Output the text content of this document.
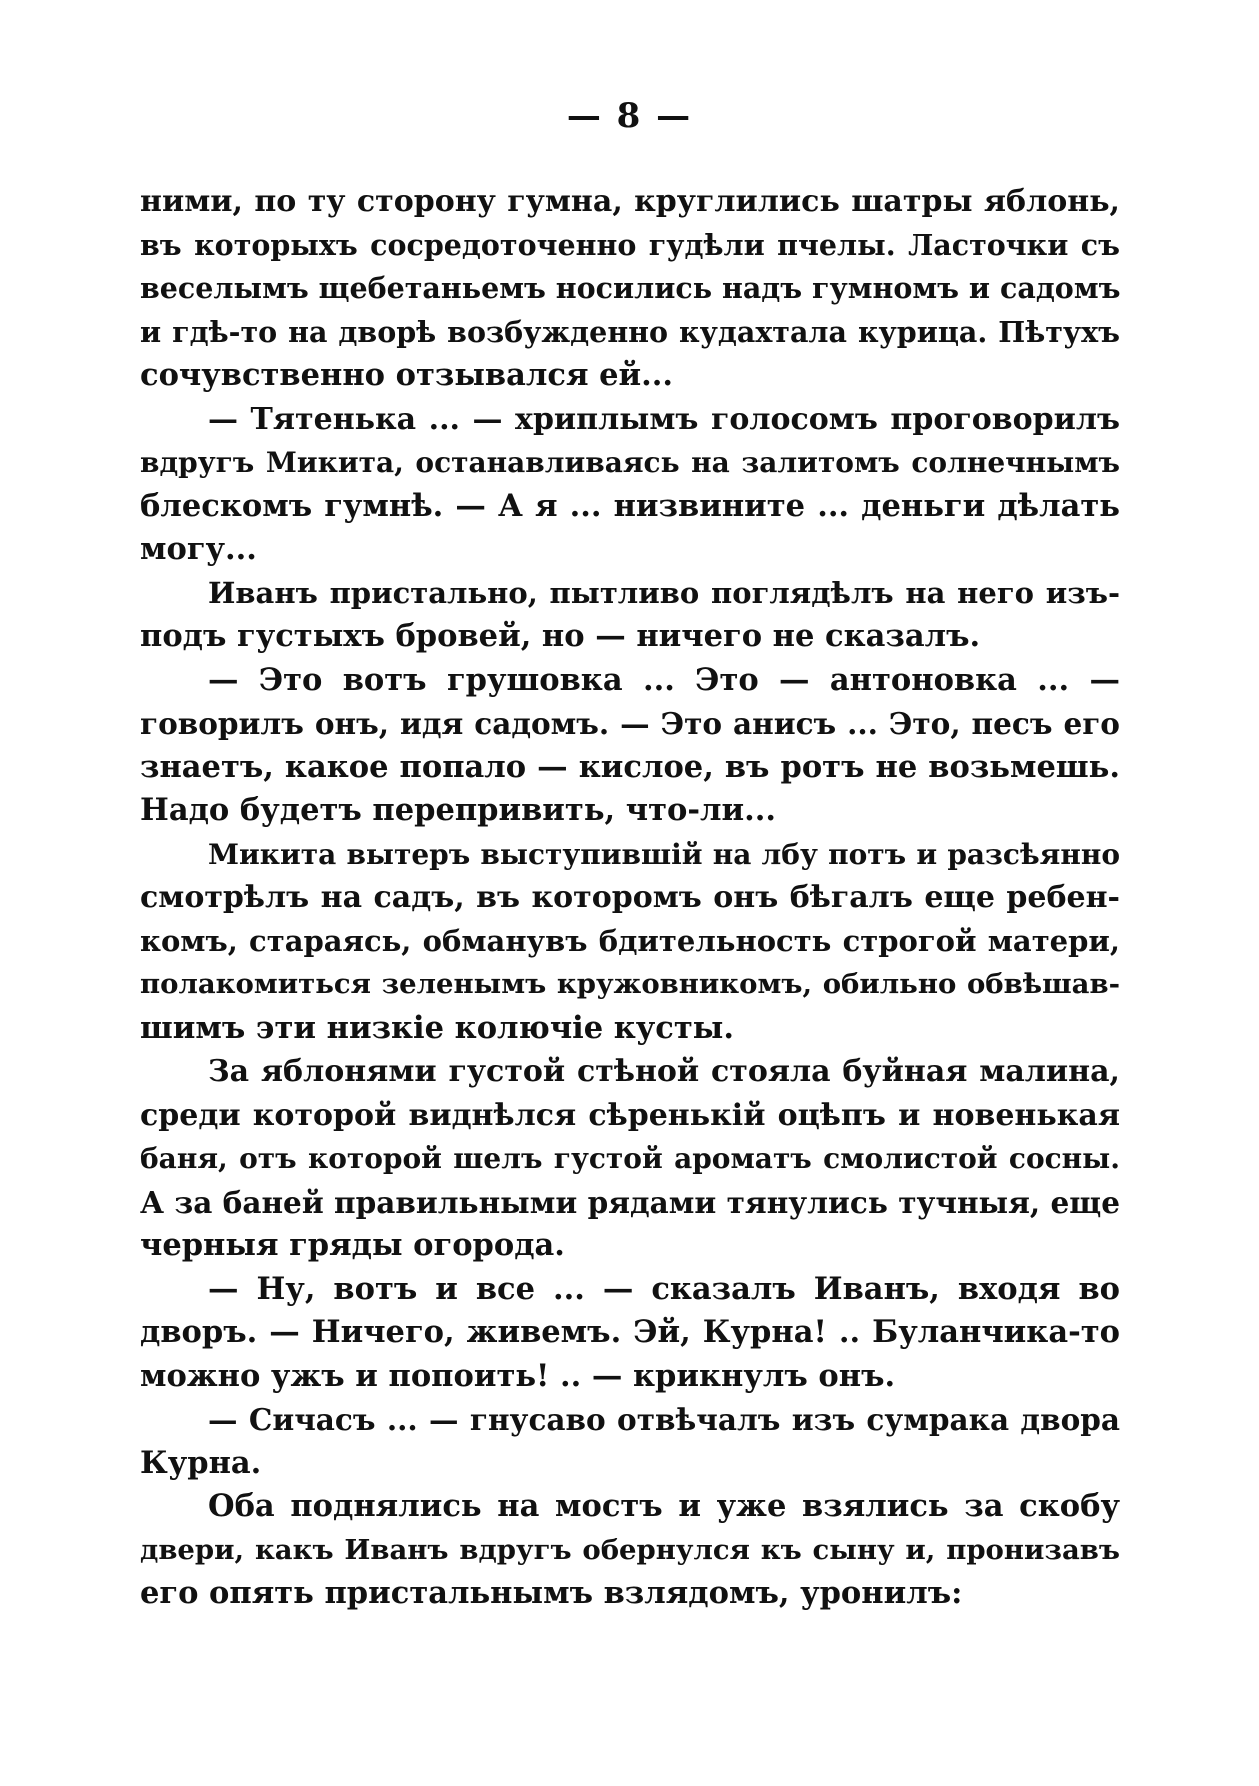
— 8 —
ними, по ту сторону гумна, круглились шатры яблонь,
въ которыхъ сосредоточенно гудѣли пчелы. Ласточки съ
веселымъ щебетаньемъ носились надъ гумномъ и садомъ
и гдѣ-то на дворѣ возбужденно кудахтала курица. Пѣтухъ
сочувственно отзывался ей...
— Тятенька ... — хриплымъ голосомъ проговорилъ
вдругъ Микита, останавливаясь на залитомъ солнечнымъ
блескомъ гумнѣ. — А я ... низвините ... деньги дѣлать
могу...
Иванъ пристально, пытливо поглядѣлъ на него изъ-
подъ густыхъ бровей, но — ничего не сказалъ.
— Это вотъ грушовка ... Это — антоновка ... —
говорилъ онъ, идя садомъ. — Это анисъ ... Это, песъ его
знаетъ, какое попало — кислое, въ ротъ не возьмешь.
Надо будетъ перепривить, что-ли...
Микита вытеръ выступившій на лбу потъ и разсѣянно
смотрѣлъ на садъ, въ которомъ онъ бѣгалъ еще ребен-
комъ, стараясь, обманувъ бдительность строгой матери,
полакомиться зеленымъ кружовникомъ, обильно обвѣшав-
шимъ эти низкіе колючіе кусты.
За яблонями густой стѣной стояла буйная малина,
среди которой виднѣлся сѣренькій оцѣпъ и новенькая
баня, отъ которой шелъ густой ароматъ смолистой сосны.
А за баней правильными рядами тянулись тучныя, еще
черныя гряды огорода.
— Ну, вотъ и все ... — сказалъ Иванъ, входя во
дворъ. — Ничего, живемъ. Эй, Курна! .. Буланчика-то
можно ужъ и попоить! .. — крикнулъ онъ.
— Сичасъ ... — гнусаво отвѣчалъ изъ сумрака двора
Курна.
Оба поднялись на мостъ и уже взялись за скобу
двери, какъ Иванъ вдругъ обернулся къ сыну и, пронизавъ
его опять пристальнымъ взлядомъ, уронилъ:
